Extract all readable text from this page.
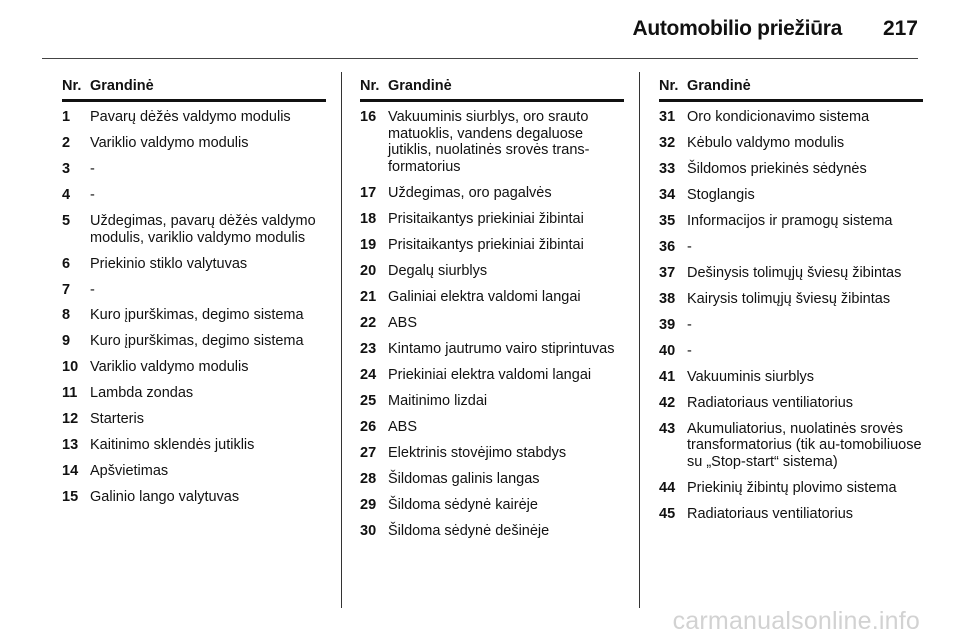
Automobilio priežiūra 217
Nr. Grandinė
1	Pavarų dėžės valdymo modulis
2	Variklio valdymo modulis
3	-
4	-
5	Uždegimas, pavarų dėžės valdymo modulis, variklio valdymo modulis
6	Priekinio stiklo valytuvas
7	-
8	Kuro įpurškimas, degimo sistema
9	Kuro įpurškimas, degimo sistema
10 Variklio valdymo modulis
11 Lambda zondas
12 Starteris
13 Kaitinimo sklendės jutiklis
14 Apšvietimas
15 Galinio lango valytuvas
Nr. Grandinė
16 Vakuuminis siurblys, oro srauto matuoklis, vandens degaluose jutiklis, nuolatinės srovės trans-formatorius
17 Uždegimas, oro pagalvės
18 Prisitaikantys priekiniai žibintai
19 Prisitaikantys priekiniai žibintai
20 Degalų siurblys
21 Galiniai elektra valdomi langai
22 ABS
23 Kintamo jautrumo vairo stiprintuvas
24 Priekiniai elektra valdomi langai
25 Maitinimo lizdai
26 ABS
27 Elektrinis stovėjimo stabdys
28 Šildomas galinis langas
29 Šildoma sėdynė kairėje
30 Šildoma sėdynė dešinėje
Nr. Grandinė
31 Oro kondicionavimo sistema
32 Kėbulo valdymo modulis
33 Šildomos priekinės sėdynės
34 Stoglangis
35 Informacijos ir pramogų sistema
36 -
37 Dešinysis tolimųjų šviesų žibintas
38 Kairysis tolimųjų šviesų žibintas
39 -
40 -
41 Vakuuminis siurblys
42 Radiatoriaus ventiliatorius
43 Akumuliatorius, nuolatinės srovės transformatorius (tik au-tomobiliuose su „Stop-start“ sistema)
44 Priekinių žibintų plovimo sistema
45 Radiatoriaus ventiliatorius
carmanualsonline.info
